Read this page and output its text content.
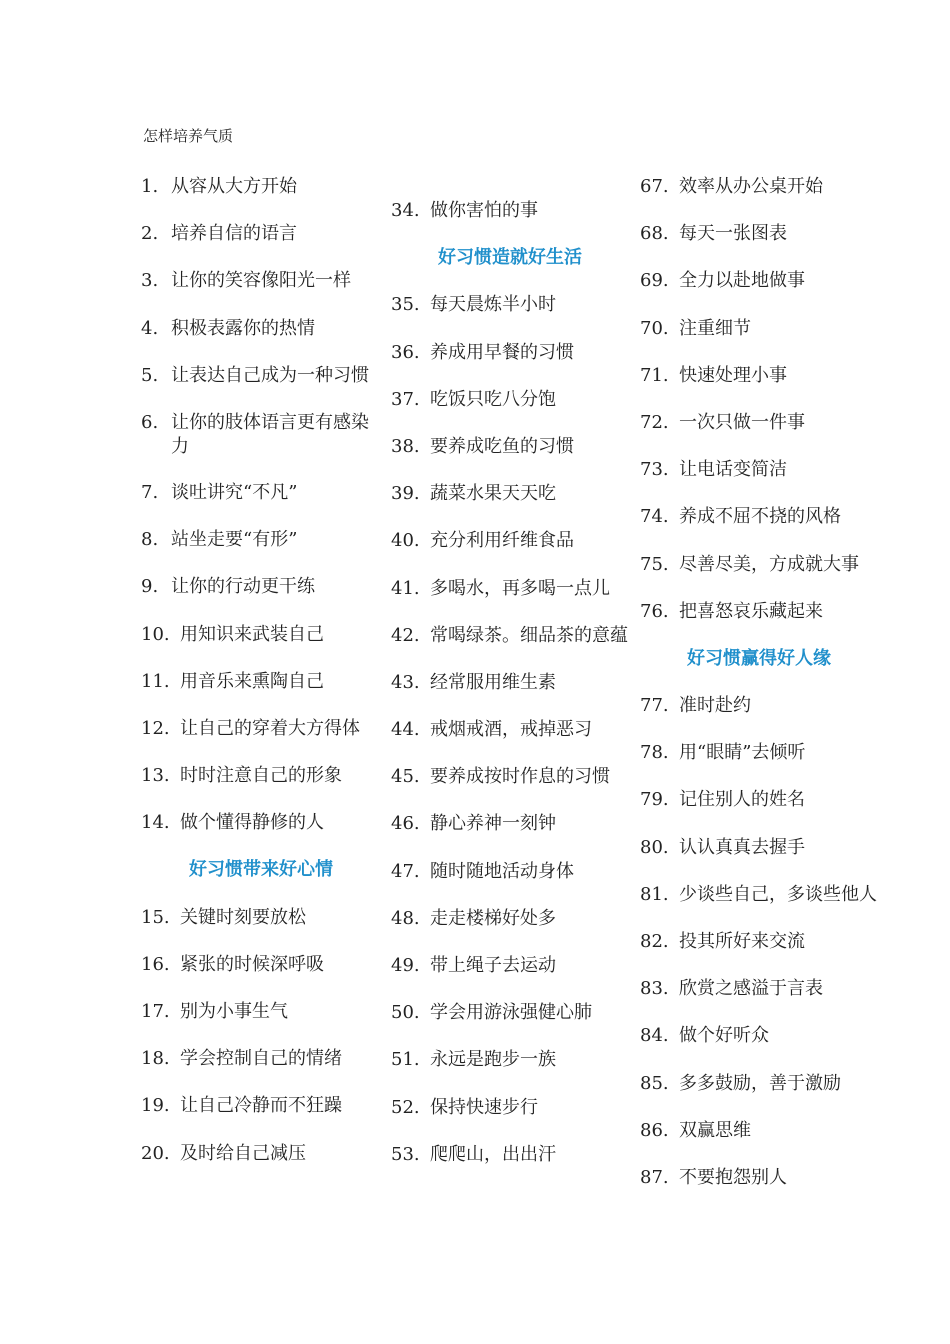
怎样培养气质
1. 从容从大方开始
2. 培养自信的语言
3. 让你的笑容像阳光一样
4. 积极表露你的热情
5. 让表达自己成为一种习惯
6. 让你的肢体语言更有感染力
7. 谈吐讲究“不凡”
8. 站坐走要“有形”
9. 让你的行动更干练
10. 用知识来武装自己
11. 用音乐来熏陶自己
12. 让自己的穿着大方得体
13. 时时注意自己的形象
14. 做个懂得静修的人
好习惯带来好心情
15. 关键时刻要放松
16. 紧张的时候深呼吸
17. 别为小事生气
18. 学会控制自己的情绪
19. 让自己冷静而不狂躁
20. 及时给自己减压
34. 做你害怕的事
好习惯造就好生活
35. 每天晨炼半小时
36. 养成用早餐的习惯
37. 吃饭只吃八分饱
38. 要养成吃鱼的习惯
39. 蔬菜水果天天吃
40. 充分利用纤维食品
41. 多喝水，再多喝一点儿
42. 常喝绿茶。细品茶的意蕴
43. 经常服用维生素
44. 戒烟戒酒，戒掉恶习
45. 要养成按时作息的习惯
46. 静心养神一刻钟
47. 随时随地活动身体
48. 走走楼梯好处多
49. 带上绳子去运动
50. 学会用游泳强健心肺
51. 永远是跑步一族
52. 保持快速步行
53. 爬爬山，出出汗
67. 效率从办公桌开始
68. 每天一张图表
69. 全力以赴地做事
70. 注重细节
71. 快速处理小事
72. 一次只做一件事
73. 让电话变简洁
74. 养成不屈不挠的风格
75. 尽善尽美，方成就大事
76. 把喜怒哀乐藏起来
好习惯赢得好人缘
77. 准时赴约
78. 用“眼睛”去倾听
79. 记住别人的姓名
80. 认认真真去握手
81. 少谈些自己，多谈些他人
82. 投其所好来交流
83. 欣赏之感溢于言表
84. 做个好听众
85. 多多鼓励，善于激励
86. 双赢思维
87. 不要抱怨别人
